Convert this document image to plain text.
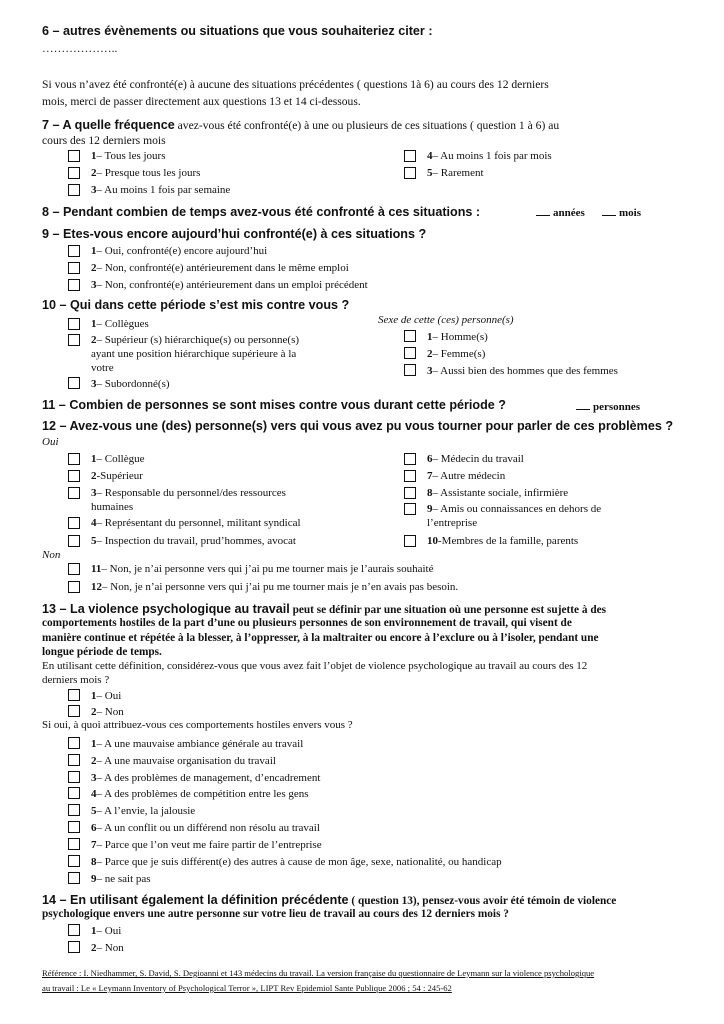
6 – autres évènements ou situations que vous souhaiteriez citer :
………………..
Si vous n’avez été confronté(e) à aucune des situations précédentes ( questions 1à 6) au cours des 12 derniers
mois, merci de passer directement aux questions 13 et 14 ci-dessous.
7 – A quelle fréquence avez-vous été confronté(e) à une ou plusieurs de ces situations ( question 1 à 6) au
cours des 12 derniers mois
1– Tous les jours
2– Presque tous les jours
3– Au moins 1 fois par semaine
4– Au moins 1 fois par mois
5– Rarement
8 – Pendant combien de temps avez-vous été confronté à ces situations :	années	mois
9 – Etes-vous encore aujourd’hui confronté(e) à ces situations ?
1– Oui, confronté(e) encore aujourd’hui
2– Non, confronté(e) antérieurement dans le même emploi
3– Non, confronté(e) antérieurement dans un emploi précédent
10 – Qui dans cette période s’est mis contre vous ?
Sexe de cette (ces) personne(s)
1– Collègues
2– Supérieur (s) hiérarchique(s) ou personne(s)
ayant une position hiérarchique supérieure à la
votre
3– Subordonné(s)
1– Homme(s)
2– Femme(s)
3– Aussi bien des hommes que des femmes
11 – Combien de personnes se sont mises contre vous durant cette période ?	personnes
12 – Avez-vous une (des) personne(s) vers qui vous avez pu vous tourner pour parler de ces problèmes ?
Oui
1– Collègue
2-Supérieur
3– Responsable du personnel/des ressources
humaines
4– Représentant du personnel, militant syndical
5– Inspection du travail, prud’hommes, avocat
6– Médecin du travail
7– Autre médecin
8– Assistante sociale, infirmière
9– Amis ou connaissances en dehors de
l’entreprise
10-Membres de la famille, parents
Non
11– Non, je n’ai personne vers qui j’ai pu me tourner mais je l’aurais souhaité
12– Non, je n’ai personne vers qui j’ai pu me tourner mais je n’en avais pas besoin.
13 – La violence psychologique au travail peut se définir par une situation où une personne est sujette à des
comportements hostiles de la part d’une ou plusieurs personnes de son environnement de travail, qui visent de
manière continue et répétée à la blesser, à l’oppresser, à la maltraiter ou encore à l’exclure ou à l’isoler, pendant une
longue période de temps.
En utilisant cette définition, considérez-vous que vous avez fait l’objet de violence psychologique au travail au cours des 12
derniers mois ?
1– Oui
2– Non
Si oui, à quoi attribuez-vous ces comportements hostiles envers vous ?
1– A une mauvaise ambiance générale au travail
2– A une mauvaise organisation du travail
3– A des problèmes de management, d’encadrement
4– A des problèmes de compétition entre les gens
5– A l’envie, la jalousie
6– A un conflit ou un différend non résolu au travail
7– Parce que l’on veut me faire partir de l’entreprise
8– Parce que je suis différent(e) des autres à cause de mon âge, sexe, nationalité, ou handicap
9– ne sait pas
14 – En utilisant également la définition précédente ( question 13), pensez-vous avoir été témoin de violence
psychologique envers une autre personne sur votre lieu de travail au cours des 12 derniers mois ?
1– Oui
2– Non
Référence : I. Niedhammer, S. David, S. Degioanni et 143 médecins du travail. La version française du questionnaire de Leymann sur la violence psychologique
au travail : Le « Leymann Inventory of Psychological Terror », LIPT Rev Epidemiol Sante Publique 2006 ; 54 : 245-62
